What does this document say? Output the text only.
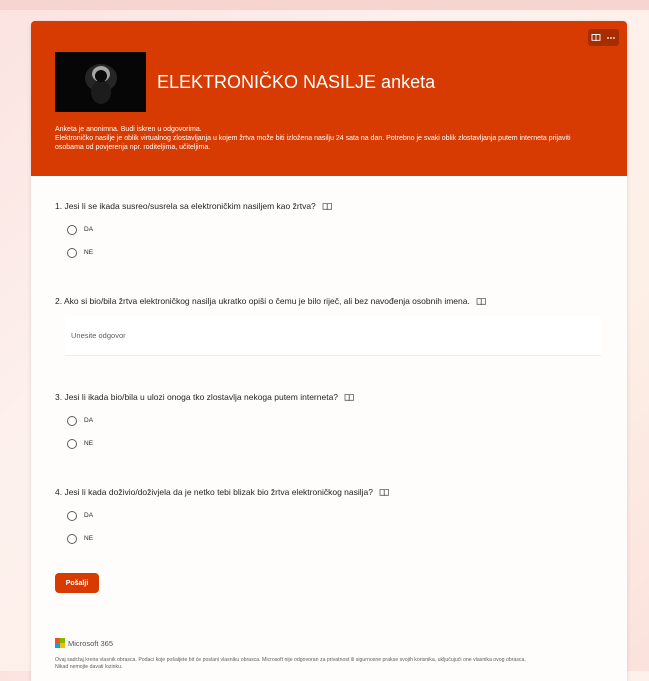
ELEKTRONIČKO NASILJE anketa
Anketa je anonimna. Budi iskren u odgovorima.
Elektroničko nasilje je oblik virtualnog zlostavljanja u kojem žrtva može biti izložena nasilju 24 sata na dan. Potrebno je svaki oblik zlostavljanja putem interneta prijaviti
osobama od povjerenja npr. roditeljima, učiteljima.
1. Jesi li se ikada susreo/susrela sa elektroničkim nasiljem kao žrtva?
DA
NE
2. Ako si bio/bila žrtva elektroničkog nasilja ukratko opiši o čemu je bilo riječ, ali bez navođenja osobnih imena.
Unesite odgovor
3. Jesi li ikada bio/bila u ulozi onoga tko zlostavlja nekoga putem interneta?
DA
NE
4. Jesi li kada doživio/doživjela da je netko tebi blizak bio žrtva elektroničkog nasilja?
DA
NE
Pošalji
Microsoft 365
Ovaj sadržaj kreira vlasnik obrasca. Podaci koje pošaljete bit će poslani vlasniku obrasca. Microsoft nije odgovoran za privatnost ili sigurnosne prakse svojih korisnika, uključujući one vlasnika ovog obrasca.
Nikad nemojte davati lozinku.
